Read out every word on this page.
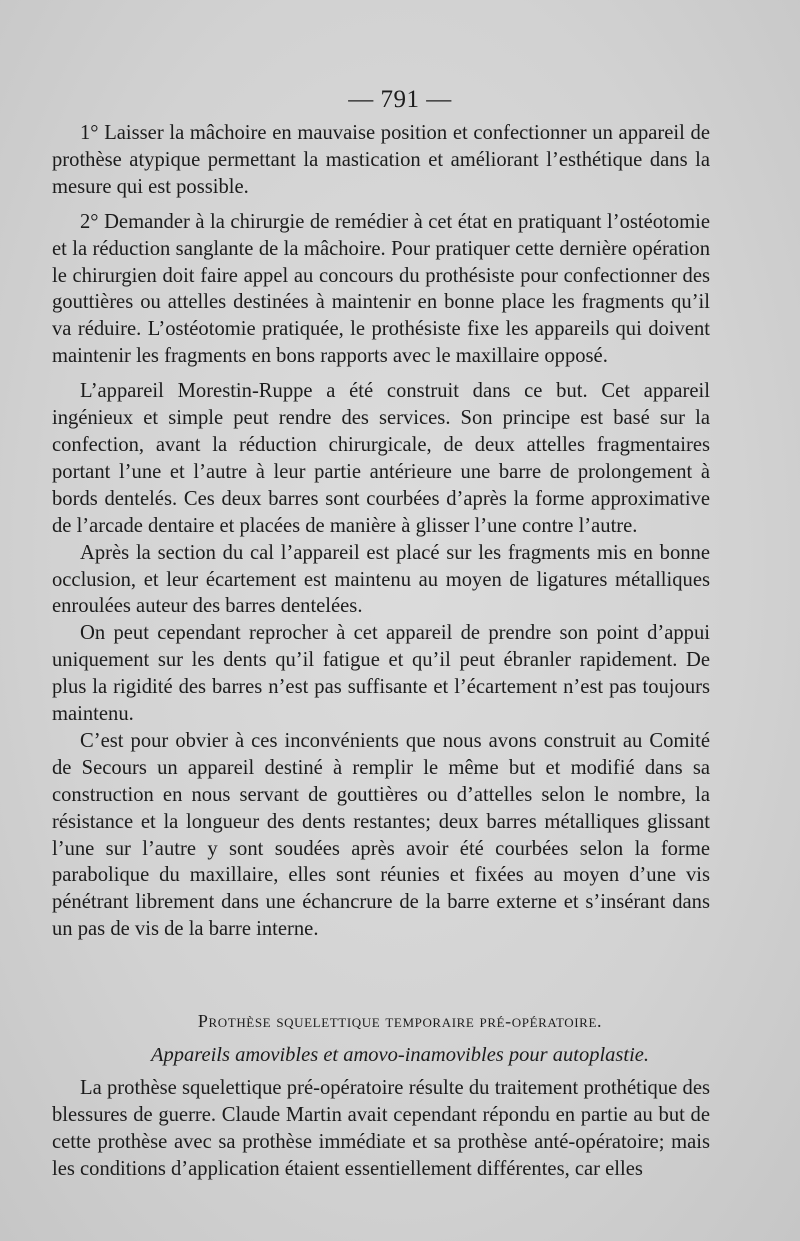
— 791 —

1° Laisser la mâchoire en mauvaise position et confectionner un appareil de prothèse atypique permettant la mastication et améliorant l’esthétique dans la mesure qui est possible.

2° Demander à la chirurgie de remédier à cet état en pratiquant l’ostéotomie et la réduction sanglante de la mâchoire. Pour pratiquer cette dernière opération le chirurgien doit faire appel au concours du prothésiste pour confectionner des gouttières ou attelles destinées à maintenir en bonne place les fragments qu’il va réduire. L’ostéotomie pratiquée, le prothésiste fixe les appareils qui doivent maintenir les fragments en bons rapports avec le maxillaire opposé.

L’appareil Morestin-Ruppe a été construit dans ce but. Cet appareil ingénieux et simple peut rendre des services. Son principe est basé sur la confection, avant la réduction chirurgicale, de deux attelles fragmentaires portant l’une et l’autre à leur partie antérieure une barre de prolongement à bords dentelés. Ces deux barres sont courbées d’après la forme approximative de l’arcade dentaire et placées de manière à glisser l’une contre l’autre.

Après la section du cal l’appareil est placé sur les fragments mis en bonne occlusion, et leur écartement est maintenu au moyen de ligatures métalliques enroulées auteur des barres dentelées.

On peut cependant reprocher à cet appareil de prendre son point d’appui uniquement sur les dents qu’il fatigue et qu’il peut ébranler rapidement. De plus la rigidité des barres n’est pas suffisante et l’écartement n’est pas toujours maintenu.

C’est pour obvier à ces inconvénients que nous avons construit au Comité de Secours un appareil destiné à remplir le même but et modifié dans sa construction en nous servant de gouttières ou d’attelles selon le nombre, la résistance et la longueur des dents restantes; deux barres métalliques glissant l’une sur l’autre y sont soudées après avoir été courbées selon la forme parabolique du maxillaire, elles sont réunies et fixées au moyen d’une vis pénétrant librement dans une échancrure de la barre externe et s’insérant dans un pas de vis de la barre interne.

Prothèse squelettique temporaire pré-opératoire.
Appareils amovibles et amovo-inamovibles pour autoplastie.

La prothèse squelettique pré-opératoire résulte du traitement prothétique des blessures de guerre. Claude Martin avait cependant répondu en partie au but de cette prothèse avec sa prothèse immédiate et sa prothèse anté-opératoire; mais les conditions d’application étaient essentiellement différentes, car elles
